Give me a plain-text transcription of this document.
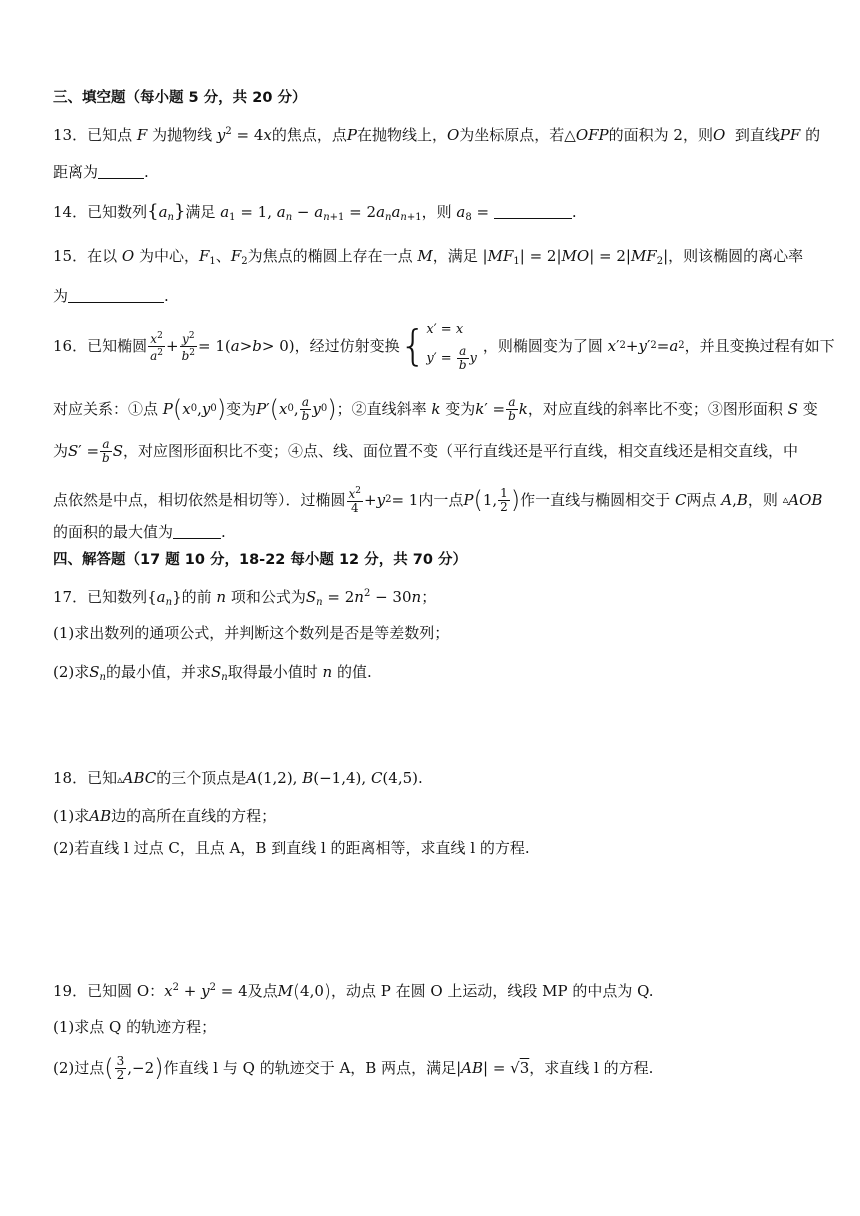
三、填空题（每小题 5 分，共 20 分）
13．已知点 F 为抛物线 $y^2 = 4x$的焦点，点P在抛物线上，O为坐标原点，若△OFP的面积为 2，则O 到直线PF 的
距离为	.
14．已知数列$\{a_n\}$满足 $a_1 = 1$, $a_n - a_{n+1} = 2a_na_{n+1}$，则 $a_8$ =	.
15．在以 O 为中心，$F_1$、$F_2$为焦点的椭圆上存在一点 M，满足 $|MF_1| = 2|MO| = 2|MF_2|$，则该椭圆的离心率
为	.
16． 已知椭圆 $\frac{x^2}{a^2} + \frac{y^2}{b^2} = 1$( a > b > 0) ，经过仿射变换 { x′ = x
$y' = \frac{a}{b}$ y
，则椭圆变为了圆
x ′ 2 + y ′ 2 = a 2 ，并且变换过程有如下
对应关系：①点
P ( x 0 , y 0 ) 变为 P ′ ( x 0 , $\frac{a}{b}$ y 0 ) ；②直线斜率
k
变为 k ′ = $\frac{a}{b}$ k ，对应直线的斜率比不变；③图形面积
S
变
为 S ′ = $\frac{a}{b}$ S ，对应图形面积比不变；④点、线、面位置不变（平行直线还是平行直线，相交直线还是相交直线，中
点依然是中点，相切依然是相切等）．过椭圆 $\frac{x^2}{4} + y$ 2 = 1 内一点 P ( 1, $\frac{1}{2}$ ) 作一直线与椭圆相交于
C 两点
A , B ，则
▵ AOB
的面积的最大值为	.
四、解答题（17 题 10 分，18-22 每小题 12 分，共 70 分）
17．已知数列$\{a_n\}$的前 n 项和公式为$S_n = 2n^2 - 30n$；
(1)求出数列的通项公式，并判断这个数列是否是等差数列；
(2)求$S_n$的最小值，并求$S_n$取得最小值时 n 的值.
18．已知▵ABC的三个顶点是A(1,2), B(−1,4), C(4,5).
(1)求AB边的高所在直线的方程；
(2)若直线 l 过点 C，且点 A，B 到直线 l 的距离相等，求直线 l 的方程.
19．已知圆 O：$x^2 + y^2 = 4$及点M(4,0)，动点 P 在圆 O 上运动，线段 MP 的中点为 Q.
(1)求点 Q 的轨迹方程；
(2)过点 ( $\frac{3}{2} ,-2$ ) 作直线 l 与 Q 的轨迹交于 A，B 两点，满足 | AB | = √ 3 ，求直线 l 的方程.
